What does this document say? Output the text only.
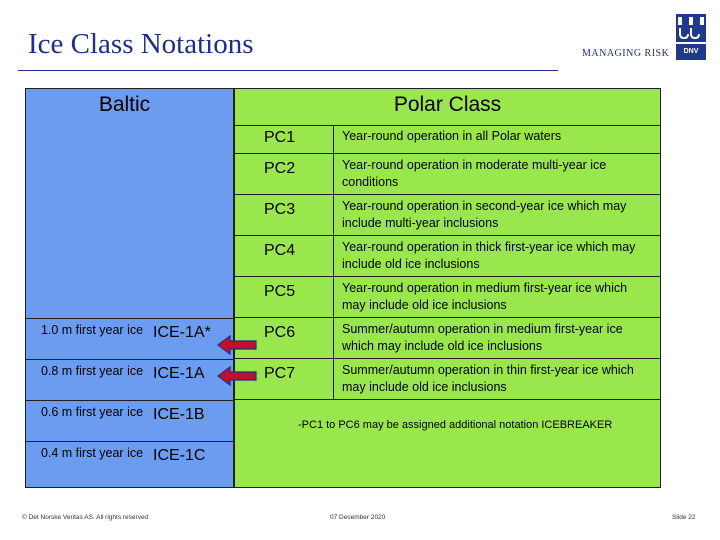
Ice Class Notations	MANAGING RISK	DNV
Baltic
1.0 m first year ice ICE-1A*
0.8 m first year ice ICE-1A
0.6 m first year ice ICE-1B
0.4 m first year ice ICE-1C
Polar Class
PC1	Year-round operation in all Polar waters
PC2	Year-round operation in moderate multi-year ice conditions
PC3	Year-round operation in second-year ice which may include multi-year inclusions
PC4	Year-round operation in thick first-year ice which may include old ice inclusions
PC5	Year-round operation in medium first-year ice which may include old ice inclusions
PC6	Summer/autumn operation in medium first-year ice which may include old ice inclusions
PC7	Summer/autumn operation in thin first-year ice which may include old ice inclusions
-PC1 to PC6 may be assigned additional notation ICEBREAKER
© Det Norske Veritas AS. All rights reserved	07 December 2020	Slide 22
